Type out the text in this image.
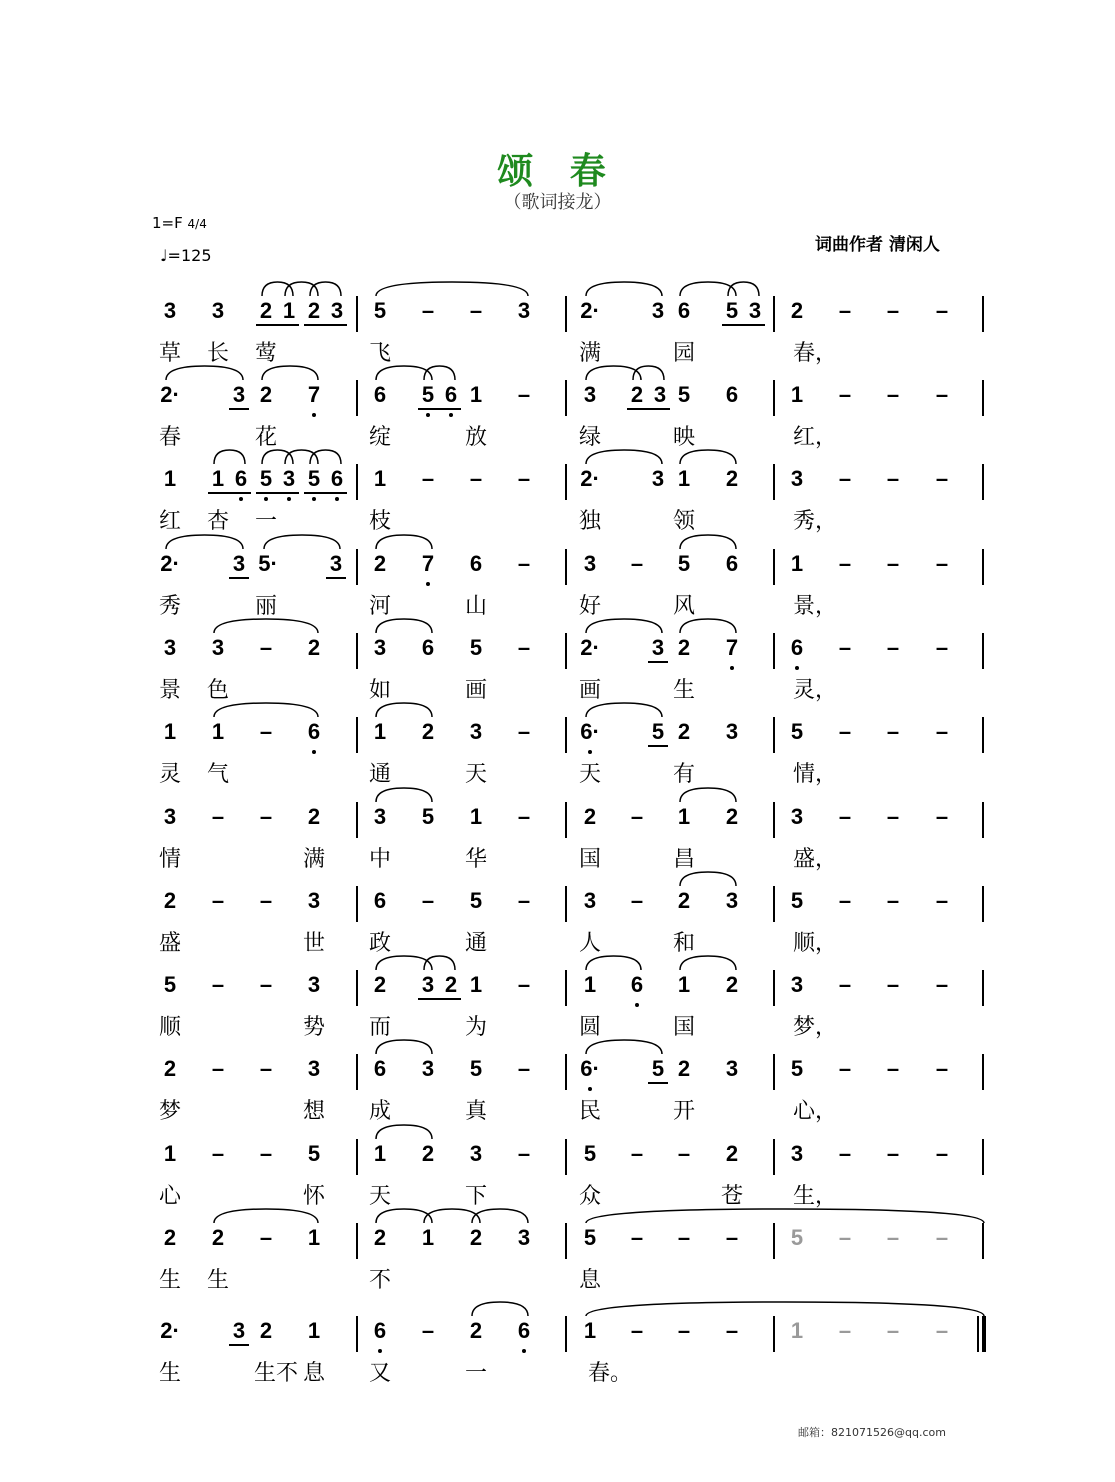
颂 春
（歌词接龙）
1=F 4/4
♩=125
词曲作者 清闲人
3 3 2 1 2 3 5 – – 3 2· 3 6 5 3 2 – – –
草 长 莺	飞	满	园	春，
2· 3 2 7 6 5 6 1 – 3 2 3 5 6 1 – – –
春	花	绽	放	绿	映	红，
1 1 6 5 3 5 6 1 – – – 2· 3 1 2 3 – – –
红 杏 一	枝	独	领	秀，
2· 3 5· 3 2 7 6 – 3 – 5 6 1 – – –
秀	丽	河	山	好	风	景，
3 3 – 2 3 6 5 – 2· 3 2 7 6 – – –
景 色	如	画	画	生	灵，
1 1 – 6 1 2 3 – 6· 5 2 3 5 – – –
灵 气	通	天	天	有	情，
3 – – 2 3 5 1 – 2 – 1 2 3 – – –
情	满 中	华	国	昌	盛，
2 – – 3 6 – 5 – 3 – 2 3 5 – – –
盛	世 政	通	人	和	顺，
5 – – 3 2 3 2 1 – 1 6 1 2 3 – – –
顺	势 而	为	圆	国	梦，
2 – – 3 6 3 5 – 6· 5 2 3 5 – – –
梦	想 成	真	民	开	心，
1 – – 5 1 2 3 – 5 – – 2 3 – – –
心	怀 天	下	众	苍 生，
2 2 – 1 2 1 2 3 5 – – – 5 – – –
生 生	不	息
2· 3 2 1 6 – 2 6 1 – – – 1 – – –
生	生不 息 又	一	春。
邮箱：821071526@qq.com
